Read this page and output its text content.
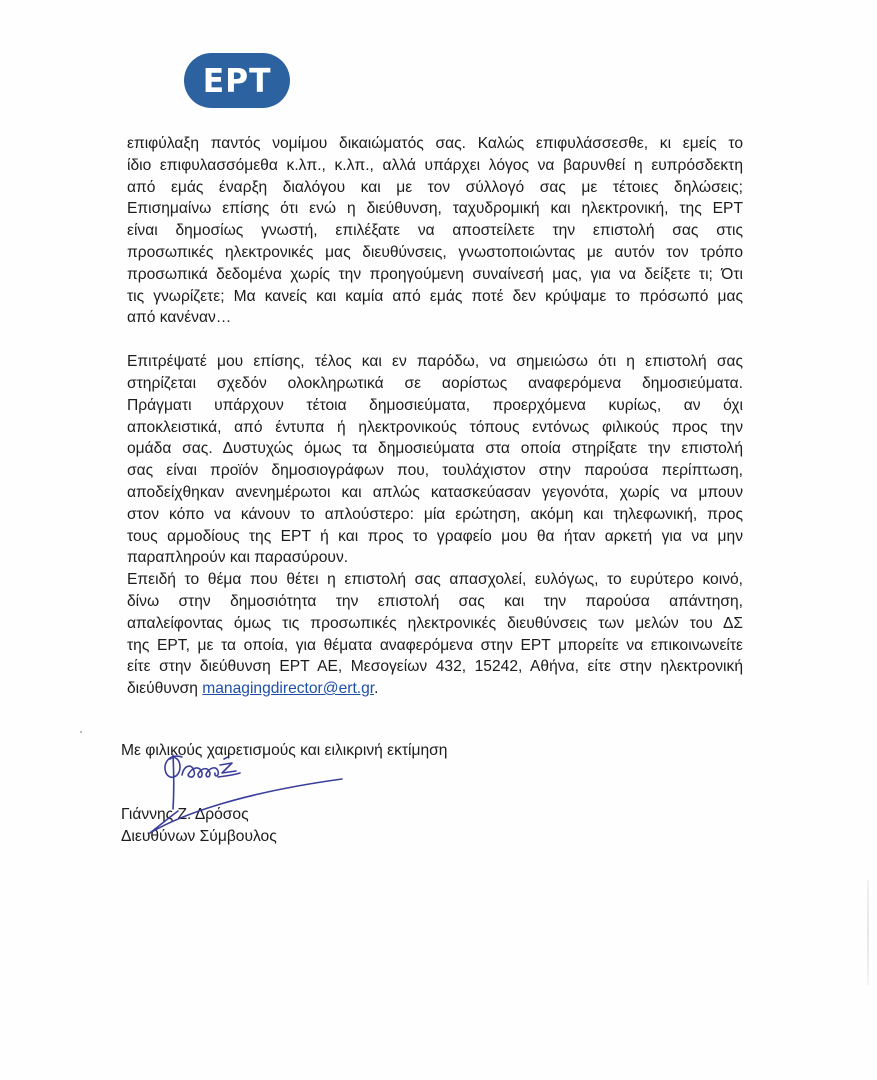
ΕΡΤ
επιφύλαξη παντός νομίμου δικαιώματός σας. Καλώς επιφυλάσσεσθε, κι εμείς το
ίδιο επιφυλασσόμεθα κ.λπ., κ.λπ., αλλά υπάρχει λόγος να βαρυνθεί η ευπρόσδεκτη
από εμάς έναρξη διαλόγου και με τον σύλλογό σας με τέτοιες δηλώσεις;
Επισημαίνω επίσης ότι ενώ η διεύθυνση, ταχυδρομική και ηλεκτρονική, της ΕΡΤ
είναι δημοσίως γνωστή, επιλέξατε να αποστείλετε την επιστολή σας στις
προσωπικές ηλεκτρονικές μας διευθύνσεις, γνωστοποιώντας με αυτόν τον τρόπο
προσωπικά δεδομένα χωρίς την προηγούμενη συναίνεσή μας, για να δείξετε τι; Ότι
τις γνωρίζετε; Μα κανείς και καμία από εμάς ποτέ δεν κρύψαμε το πρόσωπό μας
από κανέναν…
Επιτρέψατέ μου επίσης, τέλος και εν παρόδω, να σημειώσω ότι η επιστολή σας
στηρίζεται σχεδόν ολοκληρωτικά σε αορίστως αναφερόμενα δημοσιεύματα.
Πράγματι υπάρχουν τέτοια δημοσιεύματα, προερχόμενα κυρίως, αν όχι
αποκλειστικά, από έντυπα ή ηλεκτρονικούς τόπους εντόνως φιλικούς προς την
ομάδα σας. Δυστυχώς όμως τα δημοσιεύματα στα οποία στηρίξατε την επιστολή
σας είναι προϊόν δημοσιογράφων που, τουλάχιστον στην παρούσα περίπτωση,
αποδείχθηκαν ανενημέρωτοι και απλώς κατασκεύασαν γεγονότα, χωρίς να μπουν
στον κόπο να κάνουν το απλούστερο: μία ερώτηση, ακόμη και τηλεφωνική, προς
τους αρμοδίους της ΕΡΤ ή και προς το γραφείο μου θα ήταν αρκετή για να μην
παραπληρούν και παρασύρουν.
Επειδή το θέμα που θέτει η επιστολή σας απασχολεί, ευλόγως, το ευρύτερο κοινό,
δίνω στην δημοσιότητα την επιστολή σας και την παρούσα απάντηση,
απαλείφοντας όμως τις προσωπικές ηλεκτρονικές διευθύνσεις των μελών του ΔΣ
της ΕΡΤ, με τα οποία, για θέματα αναφερόμενα στην ΕΡΤ μπορείτε να επικοινωνείτε
είτε στην διεύθυνση ΕΡΤ ΑΕ, Μεσογείων 432, 15242, Αθήνα, είτε στην ηλεκτρονική
διεύθυνση managingdirector@ert.gr.
Με φιλικούς χαιρετισμούς και ειλικρινή εκτίμηση
Γιάννης Ζ. Δρόσος
Διευθύνων Σύμβουλος
